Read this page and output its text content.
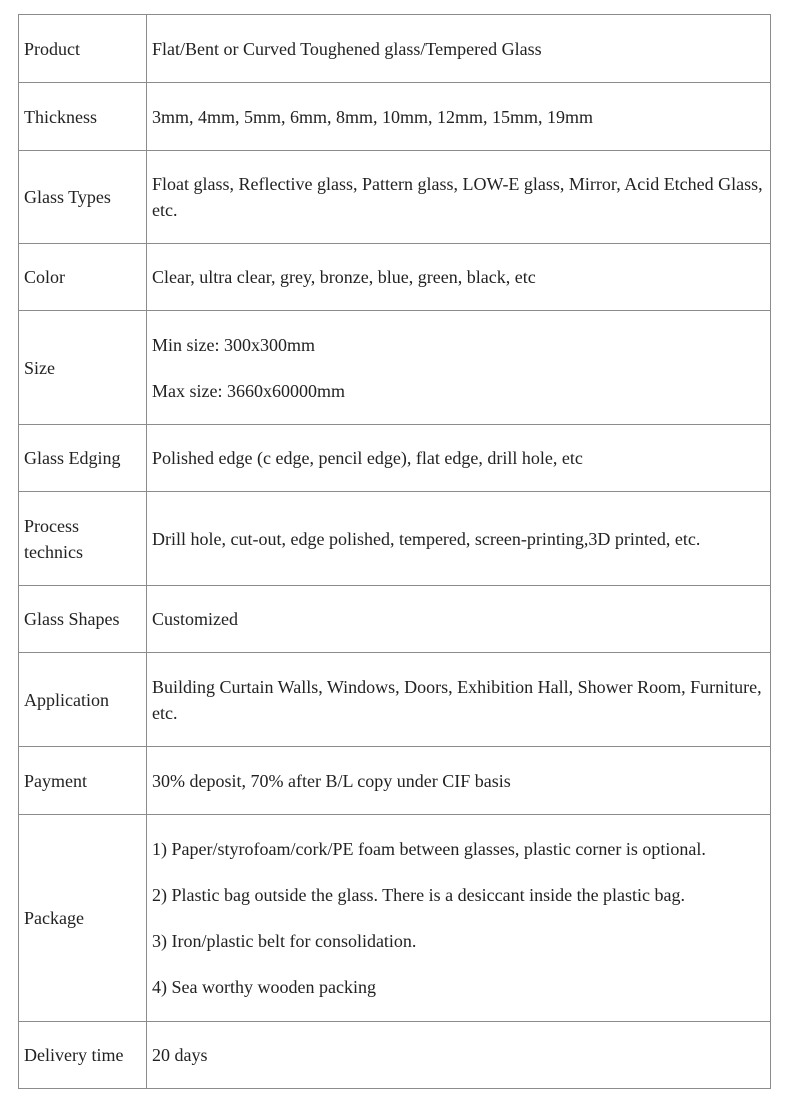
Product	Flat/Bent or Curved Toughened glass/Tempered Glass

Thickness	3mm, 4mm, 5mm, 6mm, 8mm, 10mm, 12mm, 15mm, 19mm

Glass Types	Float glass, Reflective glass, Pattern glass, LOW-E glass, Mirror, Acid Etched Glass, etc.

Color	Clear, ultra clear, grey, bronze, blue, green, black, etc

Size	Min size: 300x300mm

Max size: 3660x60000mm

Glass Edging	Polished edge (c edge, pencil edge), flat edge, drill hole, etc

Process technics	Drill hole, cut-out, edge polished, tempered, screen-printing,3D printed, etc.

Glass Shapes	Customized

Application	Building Curtain Walls, Windows, Doors, Exhibition Hall, Shower Room, Furniture, etc.

Payment	30% deposit, 70% after B/L copy under CIF basis

Package	1) Paper/styrofoam/cork/PE foam between glasses, plastic corner is optional.

2) Plastic bag outside the glass. There is a desiccant inside the plastic bag.

3) Iron/plastic belt for consolidation.

4) Sea worthy wooden packing

Delivery time	20 days
